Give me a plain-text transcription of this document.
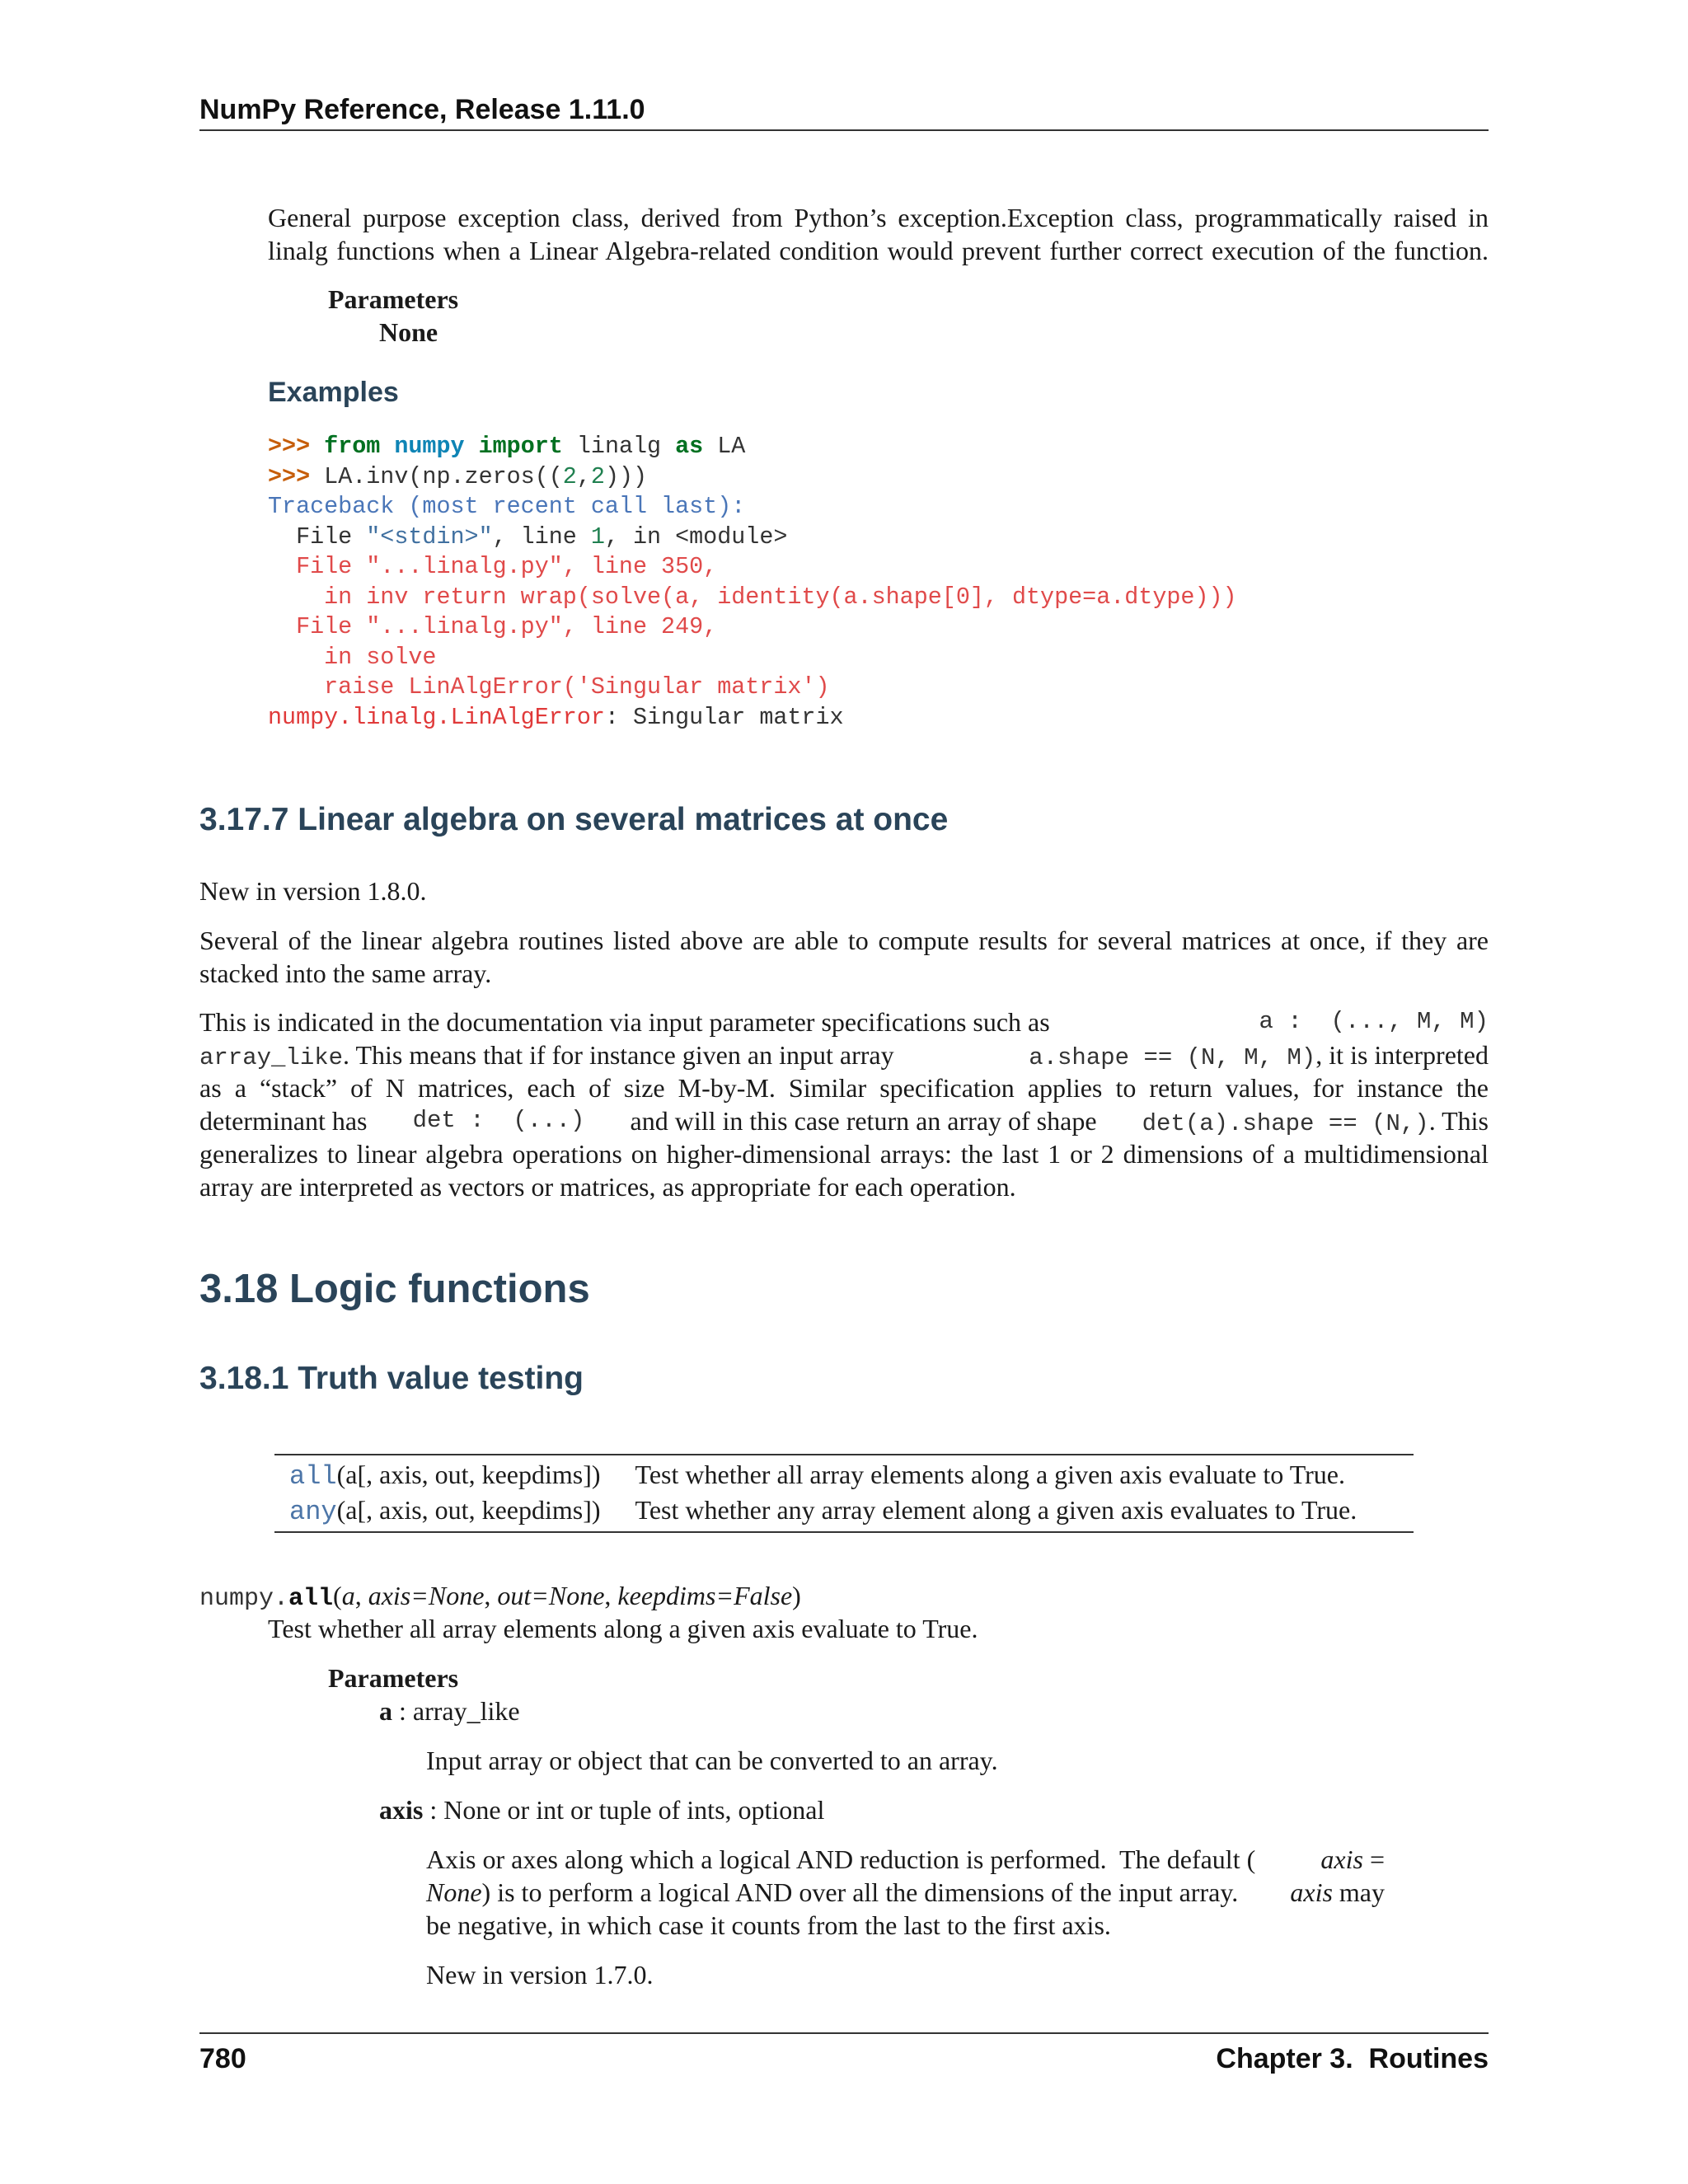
NumPy Reference, Release 1.11.0

General purpose exception class, derived from Python’s exception.Exception class, programmatically raised in

linalg functions when a Linear Algebra-related condition would prevent further correct execution of the function.

Parameters
None
Examples
>>> from numpy import linalg as LA
>>> LA.inv(np.zeros((2,2)))
Traceback (most recent call last):
File "<stdin>", line 1, in <module>
File "...linalg.py", line 350,
in inv return wrap(solve(a, identity(a.shape[0], dtype=a.dtype)))
File "...linalg.py", line 249,
in solve
raise LinAlgError('Singular matrix')
numpy.linalg.LinAlgError: Singular matrix
3.17.7 Linear algebra on several matrices at once
New in version 1.8.0.

Several of the linear algebra routines listed above are able to compute results for several matrices at once, if they are

stacked into the same array.

This is indicated in the documentation via input parameter specifications such as	a :  (..., M, M)
array_like. This means that if for instance given an input array	a.shape == (N, M, M), it is interpreted

as a “stack” of N matrices, each of size M-by-M. Similar specification applies to return values, for instance the

determinant has det :  (...) and will in this case return an array of shape det(a).shape == (N,). This

generalizes to linear algebra operations on higher-dimensional arrays: the last 1 or 2 dimensions of a multidimensional

array are interpreted as vectors or matrices, as appropriate for each operation.

3.18 Logic functions
3.18.1 Truth value testing
all(a[, axis, out, keepdims])	Test whether all array elements along a given axis evaluate to True.
any(a[, axis, out, keepdims])	Test whether any array element along a given axis evaluates to True.
numpy.all(a, axis=None, out=None, keepdims=False)
Test whether all array elements along a given axis evaluate to True.
Parameters
a : array_like
Input array or object that can be converted to an array.
axis : None or int or tuple of ints, optional
Axis or axes along which a logical AND reduction is performed.  The default ( axis =
None) is to perform a logical AND over all the dimensions of the input array. axis may
be negative, in which case it counts from the last to the first axis.
New in version 1.7.0.
780	Chapter 3.  Routines
